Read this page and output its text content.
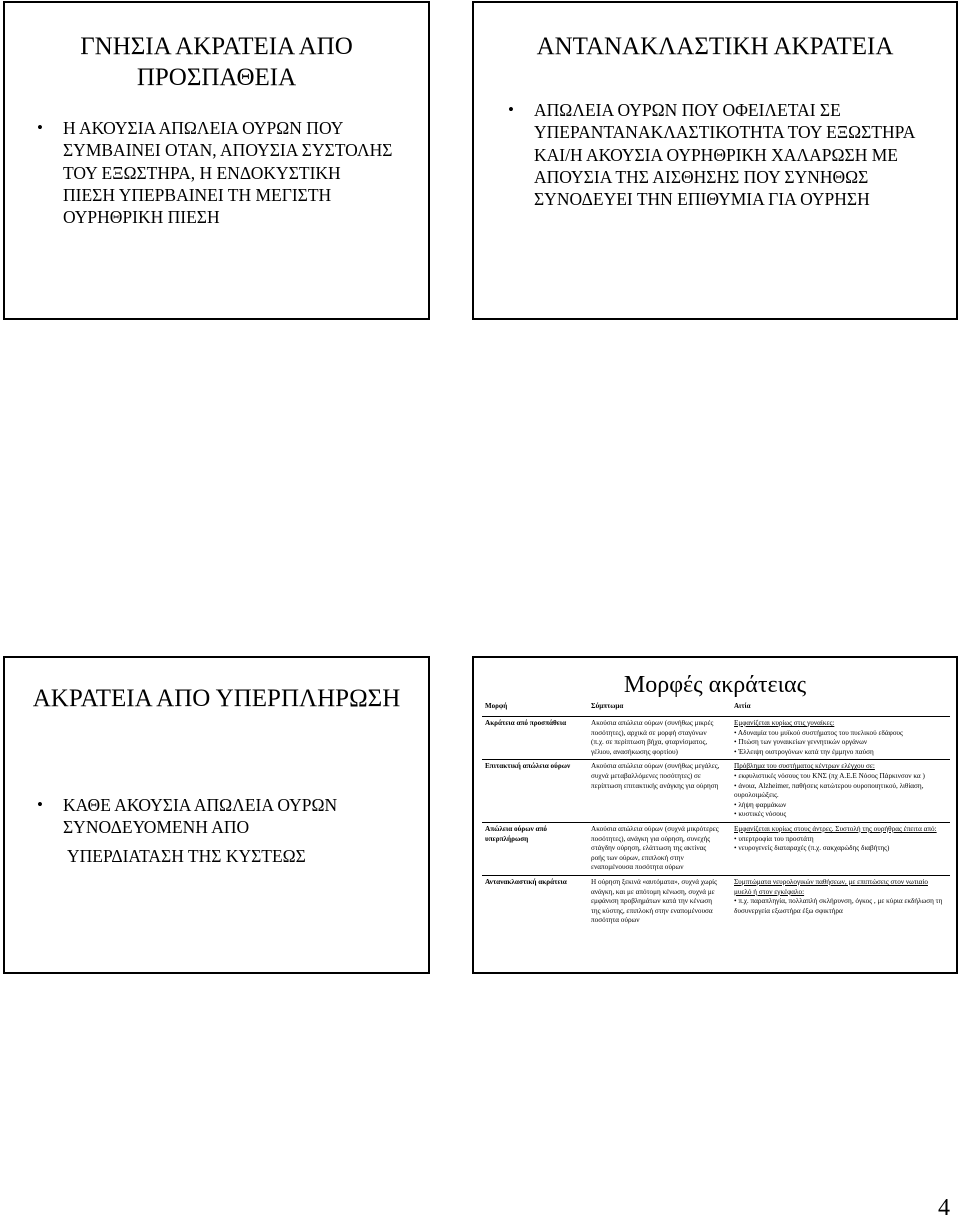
ΓΝΗΣΙΑ ΑΚΡΑΤΕΙΑ ΑΠΟ ΠΡΟΣΠΑΘΕΙΑ
•	Η ΑΚΟΥΣΙΑ ΑΠΩΛΕΙΑ ΟΥΡΩΝ ΠΟΥ ΣΥΜΒΑΙΝΕΙ ΟΤΑΝ, ΑΠΟΥΣΙΑ ΣΥΣΤΟΛΗΣ ΤΟΥ ΕΞΩΣΤΗΡΑ, Η ΕΝΔΟΚΥΣΤΙΚΗ ΠΙΕΣΗ ΥΠΕΡΒΑΙΝΕΙ ΤΗ ΜΕΓΙΣΤΗ ΟΥΡΗΘΡΙΚΗ ΠΙΕΣΗ
ΑΝΤΑΝΑΚΛΑΣΤΙΚΗ ΑΚΡΑΤΕΙΑ
•	ΑΠΩΛΕΙΑ ΟΥΡΩΝ ΠΟΥ ΟΦΕΙΛΕΤΑΙ ΣΕ ΥΠΕΡΑΝΤΑΝΑΚΛΑΣΤΙΚΟΤΗΤΑ ΤΟΥ ΕΞΩΣΤΗΡΑ ΚΑΙ/Η ΑΚΟΥΣΙΑ ΟΥΡΗΘΡΙΚΗ ΧΑΛΑΡΩΣΗ ΜΕ ΑΠΟΥΣΙΑ ΤΗΣ ΑΙΣΘΗΣΗΣ ΠΟΥ ΣΥΝΗΘΩΣ ΣΥΝΟΔΕΥΕΙ ΤΗΝ ΕΠΙΘΥΜΙΑ ΓΙΑ ΟΥΡΗΣΗ
ΑΚΡΑΤΕΙΑ ΑΠΟ ΥΠΕΡΠΛΗΡΩΣΗ
•	ΚΑΘΕ ΑΚΟΥΣΙΑ ΑΠΩΛΕΙΑ ΟΥΡΩΝ ΣΥΝΟΔΕΥΟΜΕΝΗ ΑΠΟ
ΥΠΕΡΔΙΑΤΑΣΗ ΤΗΣ ΚΥΣΤΕΩΣ
Μορφές ακράτειας
Μορφή	Σύμπτωμα	Αιτία
Ακράτεια από προσπάθεια	Ακούσια απώλεια ούρων (συνήθως μικρές ποσότητες), αρχικά σε μορφή σταγόνων (π.χ. σε περίπτωση βήχα, φταρνίσματος, γέλιου, ανασήκωσης φορτίου)	Εμφανίζεται κυρίως στις γυναίκες:

• Αδυναμία του μυϊκού συστήματος του πυελικού εδάφους

• Πτώση των γυναικείων γεννητικών οργάνων

• Έλλειψη οιστρογόνων κατά την έμμηνο παύση

Επιτακτική απώλεια ούρων	Ακούσια απώλεια ούρων (συνήθως μεγάλες, συχνά μεταβαλλόμενες ποσότητες) σε περίπτωση επιτακτικής ανάγκης για ούρηση	Πρόβλημα του συστήματος κέντρων ελέγχου σε:

• εκφυλιστικές νόσους του ΚΝΣ (πχ Α.Ε.Ε Νόσος Πάρκινσον κα )

• άνοια, Alzheimer, παθήσεις κατώτερου ουροποιητικού, λιθίαση, ουρολοιμώξεις.

• λήψη φαρμάκων

• κυστικές νόσους

Απώλεια ούρων από υπερπλήρωση	Ακούσια απώλεια ούρων (συχνά μικρότερες ποσότητες), ανάγκη για ούρηση, συνεχής στάγδην ούρηση, ελάττωση της ακτίνας ροής των ούρων, επιπλοκή στην εναπομένουσα ποσότητα ούρων	Εμφανίζεται κυρίως στους άντρες. Συστολή της ουρήθρας έπειτα από:

• υπερτροφία του προστάτη

• νευρογενείς διαταραχές (π.χ. σακχαρώδης διαβήτης)

Αντανακλαστική ακράτεια	Η ούρηση ξεκινά «αυτόματα», συχνά χωρίς ανάγκη, και με απότομη κένωση, συχνά με εμφάνιση προβλημάτων κατά την κένωση της κύστης, επιπλοκή στην εναπομένουσα ποσότητα ούρων	Συμπτώματα νευρολογικών παθήσεων, με επιπτώσεις στον νωτιαίο μυελό ή στον εγκέφαλο:

• π.χ. παραπληγία, πολλαπλή σκλήρυνση, όγκος , με κύρια εκδήλωση τη δυσυνεργεία εξωστήρα έξω σφικτήρα

4
